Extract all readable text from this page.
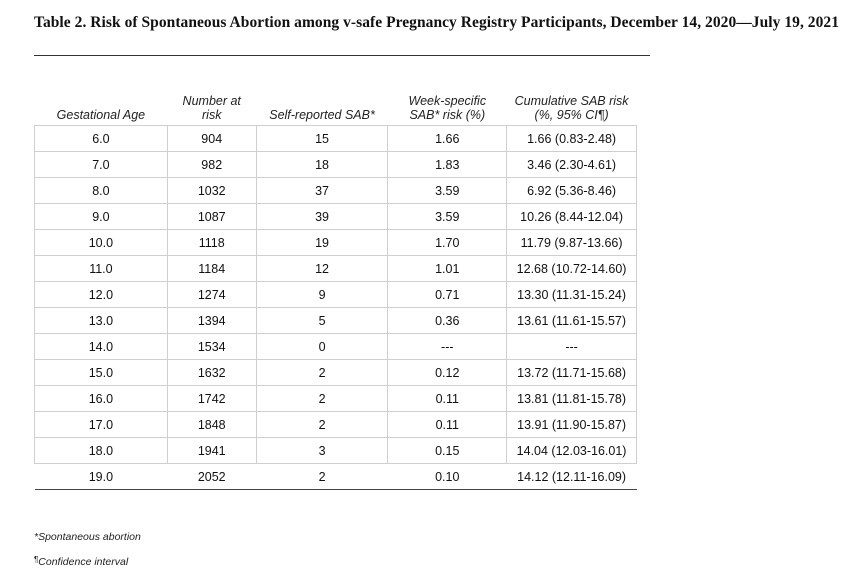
Table 2. Risk of Spontaneous Abortion among v-safe Pregnancy Registry Participants, December 14, 2020—July 19, 2021
Gestational Age	Number at risk	Self-reported SAB*	Week-specific SAB* risk (%)	Cumulative SAB risk (%, 95% CI¶)
6.0	904	15	1.66	1.66 (0.83-2.48)
7.0	982	18	1.83	3.46 (2.30-4.61)
8.0	1032	37	3.59	6.92 (5.36-8.46)
9.0	1087	39	3.59	10.26 (8.44-12.04)
10.0	1118	19	1.70	11.79 (9.87-13.66)
11.0	1184	12	1.01	12.68 (10.72-14.60)
12.0	1274	9	0.71	13.30 (11.31-15.24)
13.0	1394	5	0.36	13.61 (11.61-15.57)
14.0	1534	0	---	---
15.0	1632	2	0.12	13.72 (11.71-15.68)
16.0	1742	2	0.11	13.81 (11.81-15.78)
17.0	1848	2	0.11	13.91 (11.90-15.87)
18.0	1941	3	0.15	14.04 (12.03-16.01)
19.0	2052	2	0.10	14.12 (12.11-16.09)
*Spontaneous abortion
¶Confidence interval
